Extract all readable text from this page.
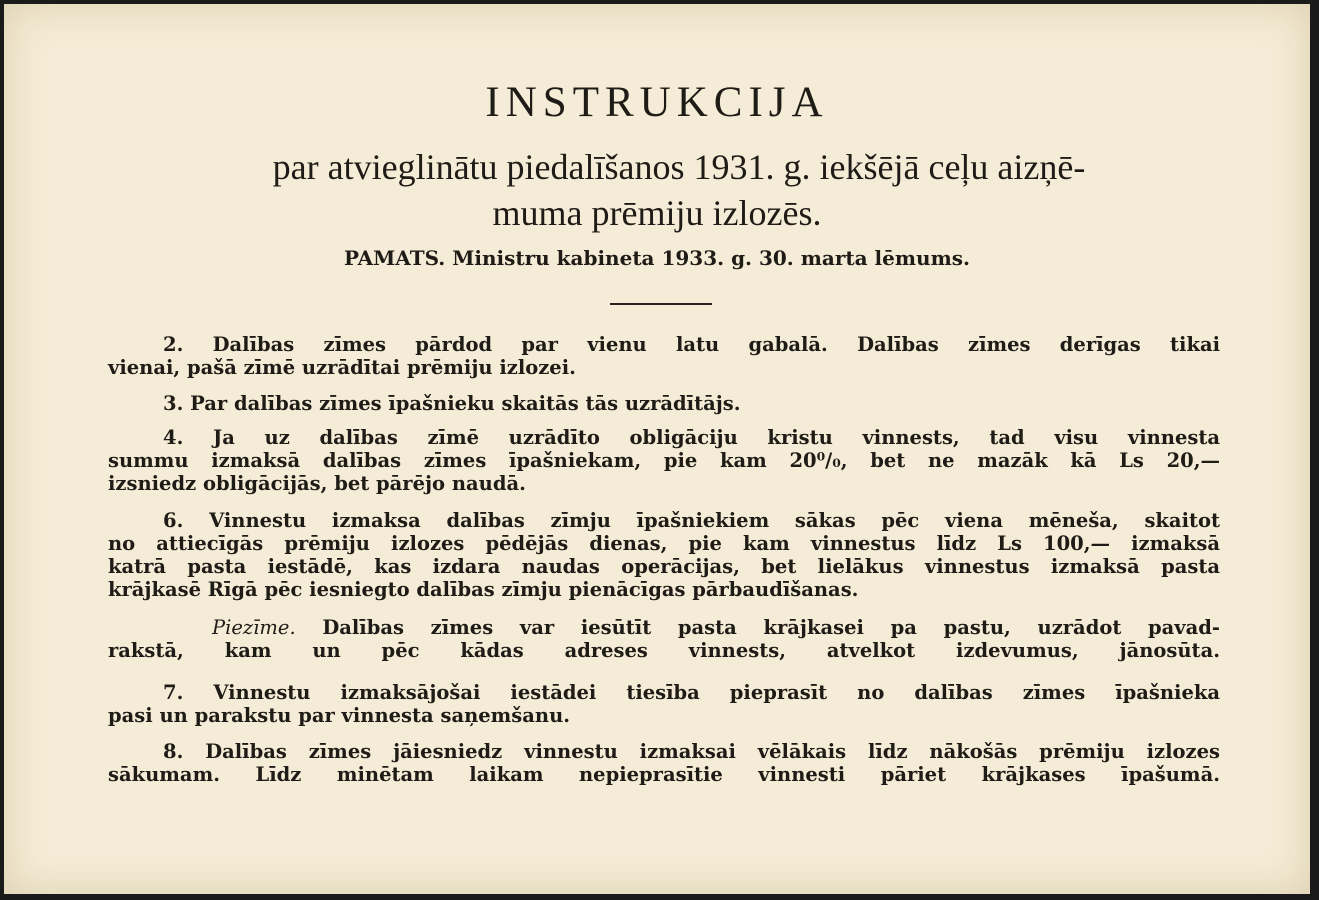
INSTRUKCIJA
par atvieglinātu piedalīšanos 1931. g. iekšējā ceļu aizņē-
muma prēmiju izlozēs.
PAMATS. Ministru kabineta 1933. g. 30. marta lēmums.
2. Dalības zīmes pārdod par vienu latu gabalā. Dalības zīmes derīgas tikai
vienai, pašā zīmē uzrādītai prēmiju izlozei.
3. Par dalības zīmes īpašnieku skaitās tās uzrādītājs.
4. Ja uz dalības zīmē uzrādīto obligāciju kristu vinnests, tad visu vinnesta
summu izmaksā dalības zīmes īpašniekam, pie kam 20⁰/₀, bet ne mazāk kā Ls 20,—
izsniedz obligācijās, bet pārējo naudā.
6. Vinnestu izmaksa dalības zīmju īpašniekiem sākas pēc viena mēneša, skaitot
no attiecīgās prēmiju izlozes pēdējās dienas, pie kam vinnestus līdz Ls 100,— izmaksā
katrā pasta iestādē, kas izdara naudas operācijas, bet lielākus vinnestus izmaksā pasta
krājkasē Rīgā pēc iesniegto dalības zīmju pienācīgas pārbaudīšanas.
Piezīme. Dalības zīmes var iesūtīt pasta krājkasei pa pastu, uzrādot pavad-
rakstā, kam un pēc kādas adreses vinnests, atvelkot izdevumus, jānosūta.
7. Vinnestu izmaksājošai iestādei tiesība pieprasīt no dalības zīmes īpašnieka
pasi un parakstu par vinnesta saņemšanu.
8. Dalības zīmes jāiesniedz vinnestu izmaksai vēlākais līdz nākošās prēmiju izlozes
sākumam. Līdz minētam laikam nepieprasītie vinnesti pāriet krājkases īpašumā.
